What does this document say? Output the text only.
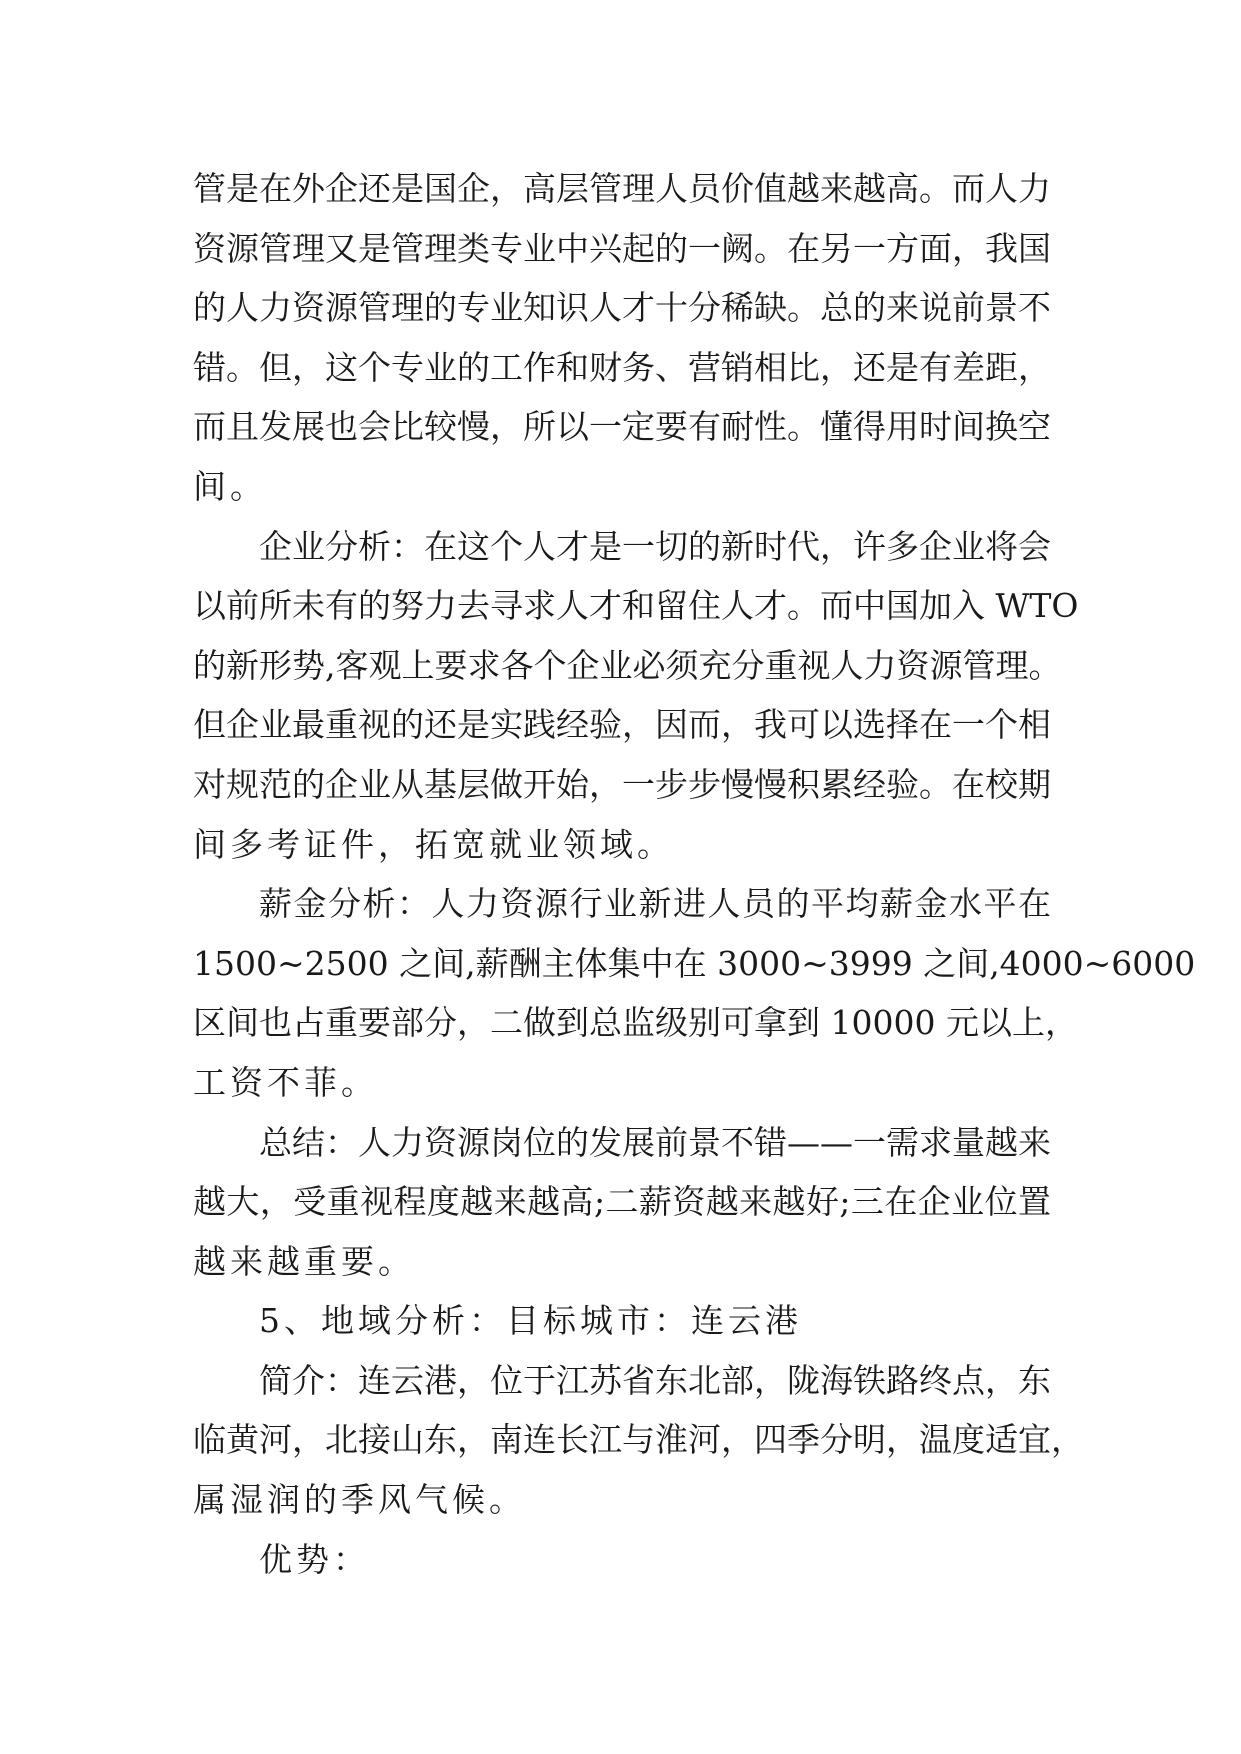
管是在外企还是国企，高层管理人员价值越来越高。而人力
资源管理又是管理类专业中兴起的一阙。在另一方面，我国
的人力资源管理的专业知识人才十分稀缺。总的来说前景不
错。但，这个专业的工作和财务、营销相比，还是有差距，
而且发展也会比较慢，所以一定要有耐性。懂得用时间换空
间。
企业分析：在这个人才是一切的新时代，许多企业将会
以前所未有的努力去寻求人才和留住人才。而中国加入 WTO
的新形势,客观上要求各个企业必须充分重视人力资源管理。
但企业最重视的还是实践经验，因而，我可以选择在一个相
对规范的企业从基层做开始，一步步慢慢积累经验。在校期
间多考证件，拓宽就业领域。
薪金分析：人力资源行业新进人员的平均薪金水平在
1500~2500 之间,薪酬主体集中在 3000~3999 之间,4000~6000
区间也占重要部分，二做到总监级别可拿到 10000 元以上，
工资不菲。
总结：人力资源岗位的发展前景不错——一需求量越来
越大，受重视程度越来越高;二薪资越来越好;三在企业位置
越来越重要。
5、地域分析：目标城市：连云港
简介：连云港，位于江苏省东北部，陇海铁路终点，东
临黄河，北接山东，南连长江与淮河，四季分明，温度适宜，
属湿润的季风气候。
优势：
